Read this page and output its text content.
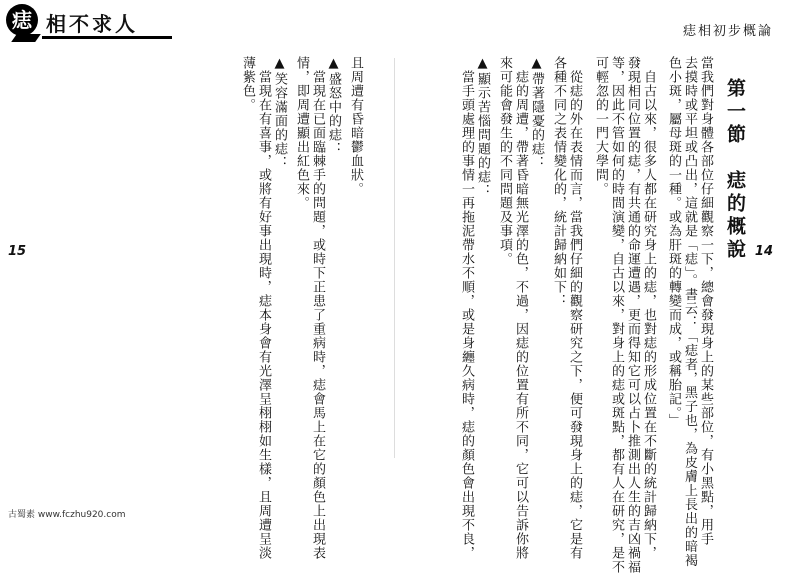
痣 相不求人	痣相初步概論
15	14
第一節　痣的概說
當我們對身體各部位仔細觀察一下，總會發現身上的某些部位，有小黑點，用手
去摸時或平坦或凸出，這就是「痣」。書云：「痣者，黑子也，為皮膚上長出的暗褐
色小斑，屬母斑的一種。或為肝斑的轉變而成，或稱胎記。」
自古以來，很多人都在研究身上的痣，也對痣的形成位置在不斷的統計歸納下，
發現相同位置的痣，有共通的命運遭遇，更而得知它可以占卜推測出人生的吉凶禍福
等，因此不管如何的時間演變，自古以來，對身上的痣或斑點，都有人在研究，是不
可輕忽的一門大學問。
從痣的外在表情而言，當我們仔細的觀察研究之下，便可發現身上的痣，它是有
各種不同之表情變化的，統計歸納如下：
▲帶著隱憂的痣：
痣的周遭，帶著昏暗無光澤的色，不過，因痣的位置有所不同，它可以告訴你將
來可能會發生的不同問題及事項。
▲顯示苦惱問題的痣：
當手頭處理的事情一再拖泥帶水不順，或是身纏久病時，痣的顏色會出現不良，
且周遭有昏暗鬱血狀。
▲盛怒中的痣：
當現在已面臨棘手的問題，或時下正患了重病時，痣會馬上在它的顏色上出現表
情，即周遭顯出紅色來。
▲笑容滿面的痣：
當現在有喜事，或將有好事出現時，痣本身會有光澤呈栩栩如生樣，且周遭呈淡
薄紫色。
古蜀素 www.fczhu920.com
